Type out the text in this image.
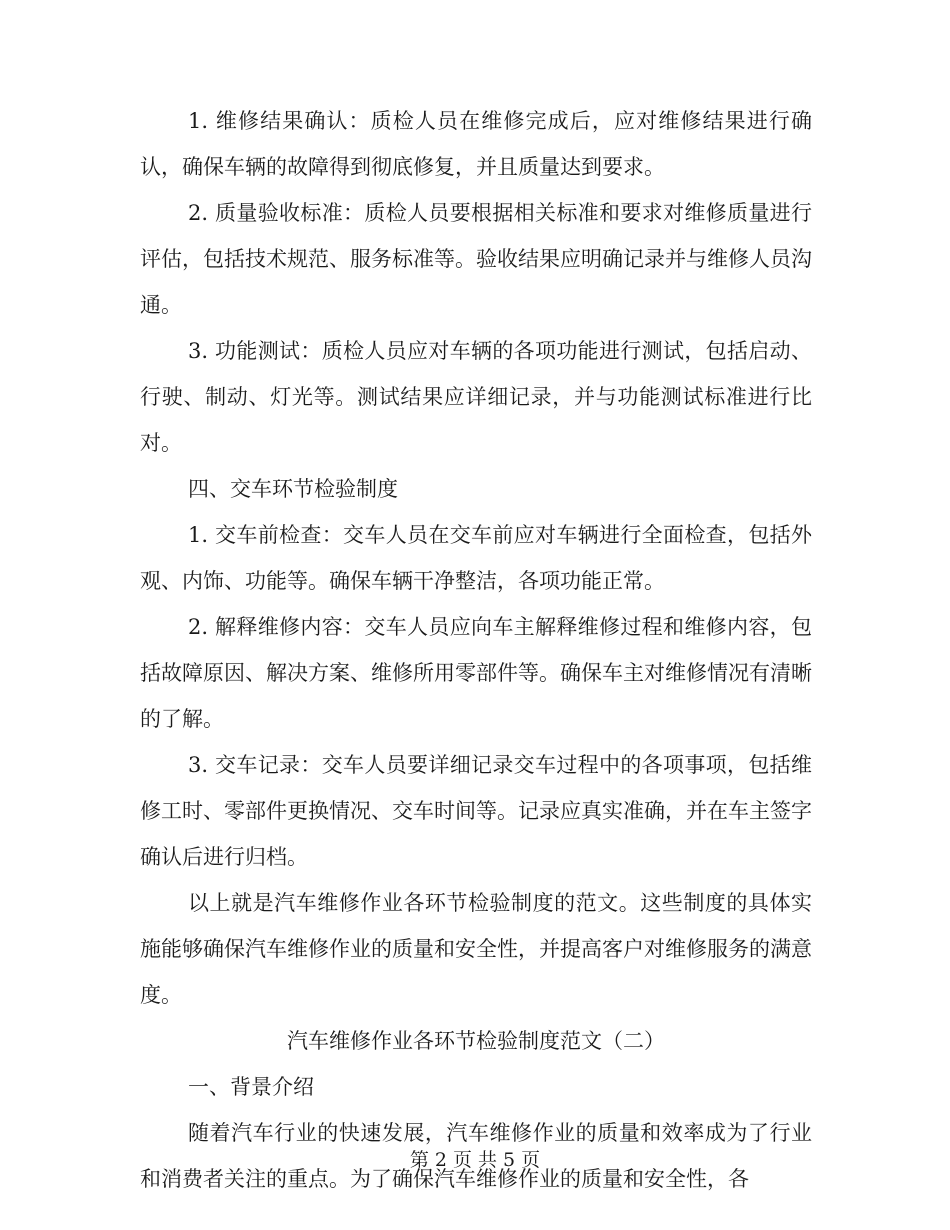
1. 维修结果确认：质检人员在维修完成后，应对维修结果进行确认，确保车辆的故障得到彻底修复，并且质量达到要求。

2. 质量验收标准：质检人员要根据相关标准和要求对维修质量进行评估，包括技术规范、服务标准等。验收结果应明确记录并与维修人员沟通。

3. 功能测试：质检人员应对车辆的各项功能进行测试，包括启动、行驶、制动、灯光等。测试结果应详细记录，并与功能测试标准进行比对。

四、交车环节检验制度

1. 交车前检查：交车人员在交车前应对车辆进行全面检查，包括外观、内饰、功能等。确保车辆干净整洁，各项功能正常。

2. 解释维修内容：交车人员应向车主解释维修过程和维修内容，包括故障原因、解决方案、维修所用零部件等。确保车主对维修情况有清晰的了解。

3. 交车记录：交车人员要详细记录交车过程中的各项事项，包括维修工时、零部件更换情况、交车时间等。记录应真实准确，并在车主签字确认后进行归档。

以上就是汽车维修作业各环节检验制度的范文。这些制度的具体实施能够确保汽车维修作业的质量和安全性，并提高客户对维修服务的满意度。

汽车维修作业各环节检验制度范文（二）

一、背景介绍

随着汽车行业的快速发展，汽车维修作业的质量和效率成为了行业和消费者关注的重点。为了确保汽车维修作业的质量和安全性，各

第 2 页 共 5 页
